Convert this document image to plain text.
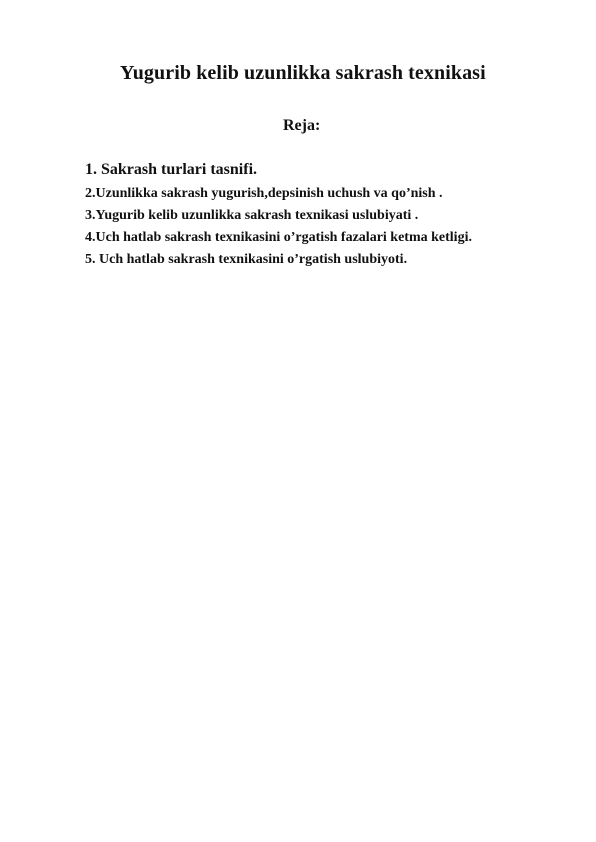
Yugurib kelib uzunlikka sakrash texnikasi
Reja:
1. Sakrash turlari tasnifi.
2.Uzunlikka sakrash yugurish,depsinish uchush va qo’nish .
3.Yugurib kelib uzunlikka sakrash texnikasi uslubiyati .
4.Uch hatlab sakrash texnikasini o’rgatish fazalari ketma ketligi.
5. Uch hatlab sakrash texnikasini o’rgatish uslubiyoti.
